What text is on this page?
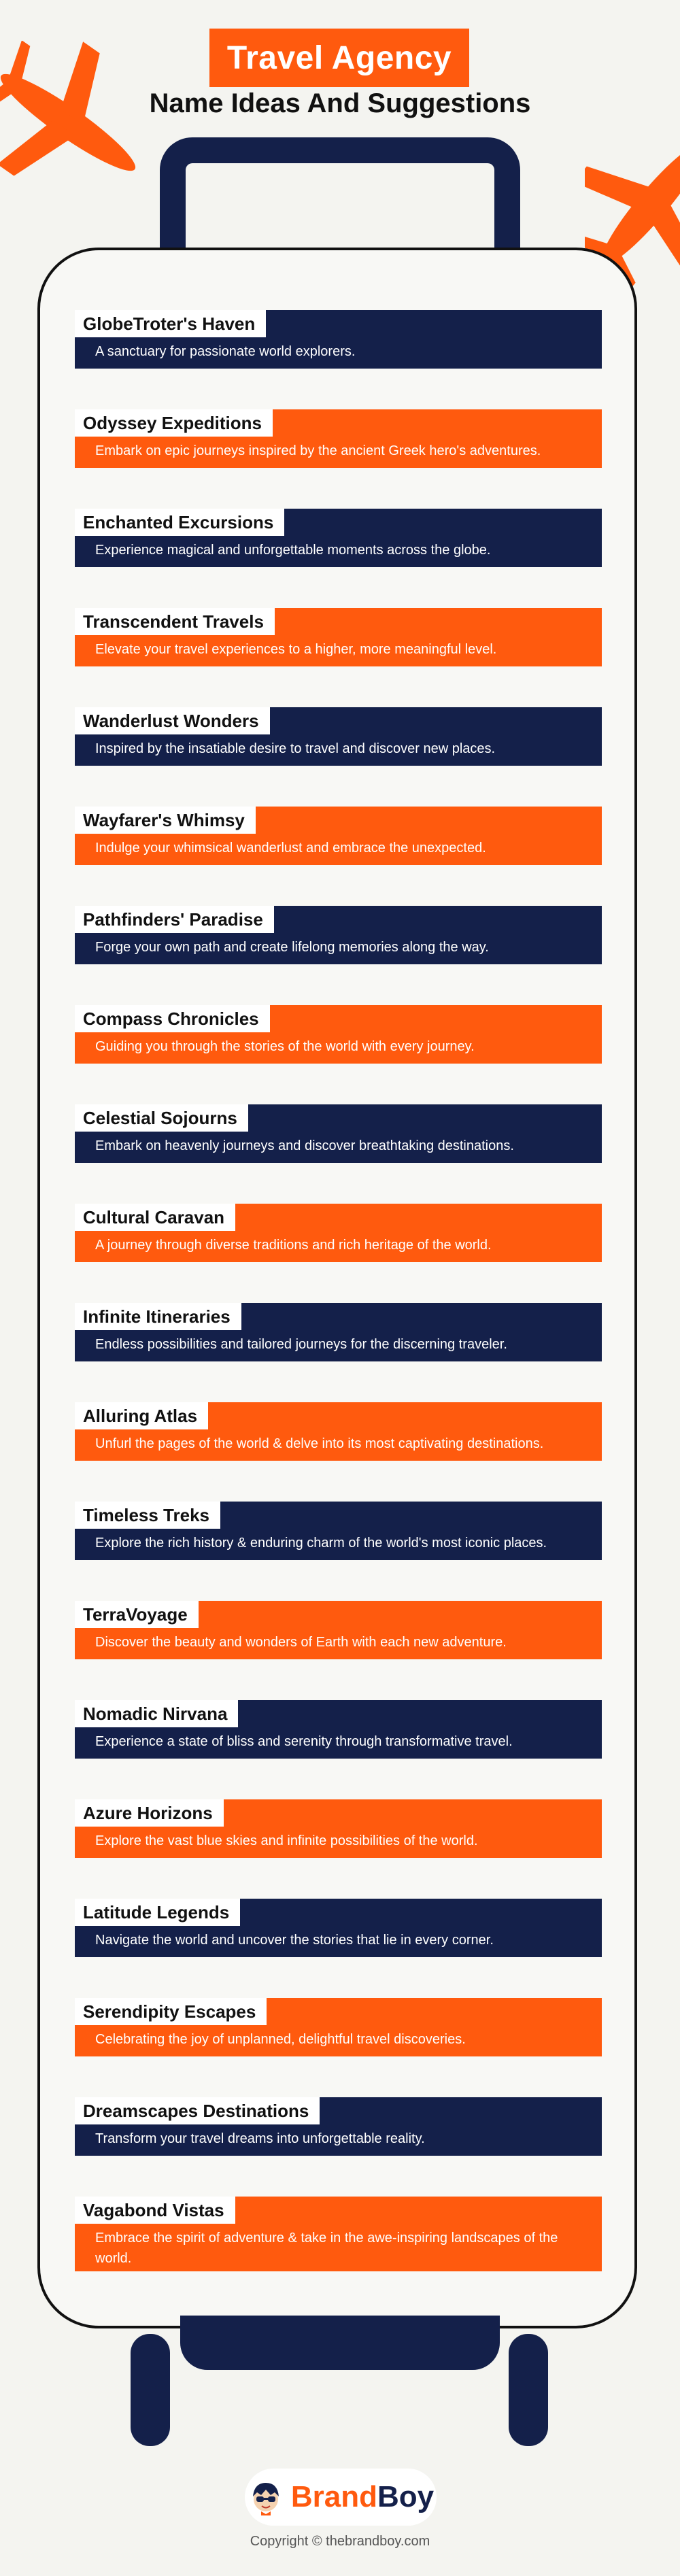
Travel Agency
Name Ideas And Suggestions
GlobeTroter's Haven
A sanctuary for passionate world explorers.
Odyssey Expeditions
Embark on epic journeys inspired by the ancient Greek hero's adventures.
Enchanted Excursions
Experience magical and unforgettable moments across the globe.
Transcendent Travels
Elevate your travel experiences to a higher, more meaningful level.
Wanderlust Wonders
Inspired by the insatiable desire to travel and discover new places.
Wayfarer's Whimsy
Indulge your whimsical wanderlust and embrace the unexpected.
Pathfinders' Paradise
Forge your own path and create lifelong memories along the way.
Compass Chronicles
Guiding you through the stories of the world with every journey.
Celestial Sojourns
Embark on heavenly journeys and discover breathtaking destinations.
Cultural Caravan
A journey through diverse traditions and rich heritage of the world.
Infinite Itineraries
Endless possibilities and tailored journeys for the discerning traveler.
Alluring Atlas
Unfurl the pages of the world & delve into its most captivating destinations.
Timeless Treks
Explore the rich history & enduring charm of the world's most iconic places.
TerraVoyage
Discover the beauty and wonders of Earth with each new adventure.
Nomadic Nirvana
Experience a state of bliss and serenity through transformative travel.
Azure Horizons
Explore the vast blue skies and infinite possibilities of the world.
Latitude Legends
Navigate the world and uncover the stories that lie in every corner.
Serendipity Escapes
Celebrating the joy of unplanned, delightful travel discoveries.
Dreamscapes Destinations
Transform your travel dreams into unforgettable reality.
Vagabond Vistas
Embrace the spirit of adventure & take in the awe-inspiring landscapes of the world.
BrandBoy
Copyright © thebrandboy.com
